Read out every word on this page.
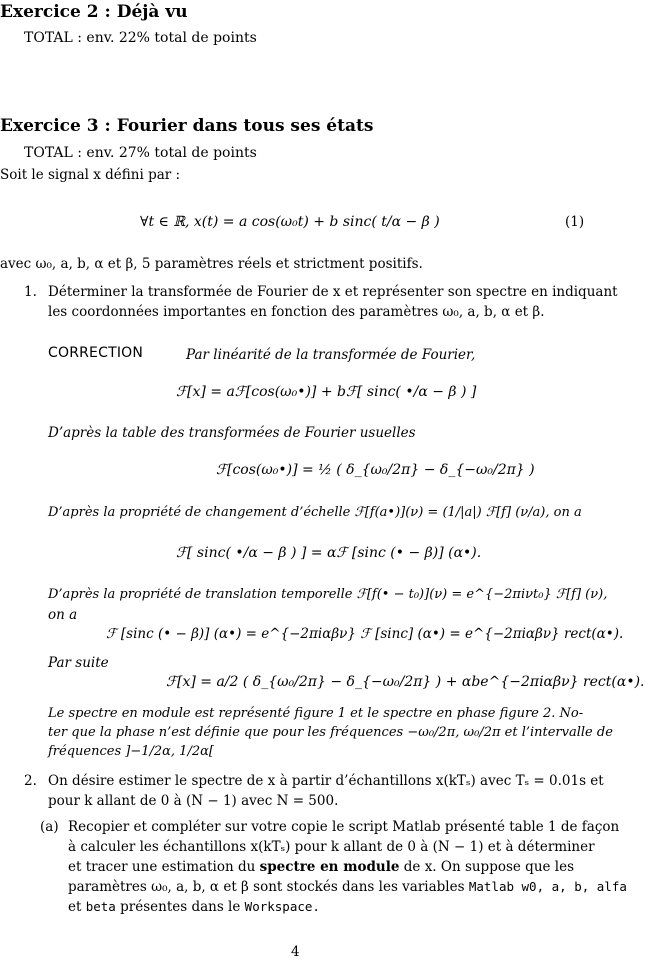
Exercice 2 : Déjà vu
TOTAL : env. 22% total de points
Exercice 3 : Fourier dans tous ses états
TOTAL : env. 27% total de points
Soit le signal x défini par :
∀t ∈ ℝ, x(t) = a cos(ω₀t) + b sinc( t/α − β )	(1)
avec ω₀, a, b, α et β, 5 paramètres réels et strictment positifs.
1. Déterminer la transformée de Fourier de x et représenter son spectre en indiquant
les coordonnées importantes en fonction des paramètres ω₀, a, b, α et β.
CORRECTION	Par linéarité de la transformée de Fourier,
ℱ[x] = aℱ[cos(ω₀•)] + bℱ[ sinc( •/α − β ) ]
D’après la table des transformées de Fourier usuelles
ℱ[cos(ω₀•)] = ½ ( δ_{ω₀/2π} − δ_{−ω₀/2π} )
D’après la propriété de changement d’échelle ℱ[f(a•)](ν) = (1/|a|) ℱ[f] (ν/a), on a
ℱ[ sinc( •/α − β ) ] = αℱ [sinc (• − β)] (α•).
D’après la propriété de translation temporelle ℱ[f(• − t₀)](ν) = e^{−2πiνt₀} ℱ[f] (ν),
on a
ℱ [sinc (• − β)] (α•) = e^{−2πiαβν} ℱ [sinc] (α•) = e^{−2πiαβν} rect(α•).
Par suite
ℱ[x] = a/2 ( δ_{ω₀/2π} − δ_{−ω₀/2π} ) + αbe^{−2πiαβν} rect(α•).
Le spectre en module est représenté figure 1 et le spectre en phase figure 2. No-
ter que la phase n’est définie que pour les fréquences −ω₀/2π, ω₀/2π et l’intervalle de
fréquences ]−1/2α, 1/2α[
2. On désire estimer le spectre de x à partir d’échantillons x(kTₛ) avec Tₛ = 0.01s et
pour k allant de 0 à (N − 1) avec N = 500.
(a) Recopier et compléter sur votre copie le script Matlab présenté table 1 de façon
à calculer les échantillons x(kTₛ) pour k allant de 0 à (N − 1) et à déterminer
et tracer une estimation du spectre en module de x. On suppose que les
paramètres ω₀, a, b, α et β sont stockés dans les variables Matlab w0, a, b, alfa
et beta présentes dans le Workspace.
4
